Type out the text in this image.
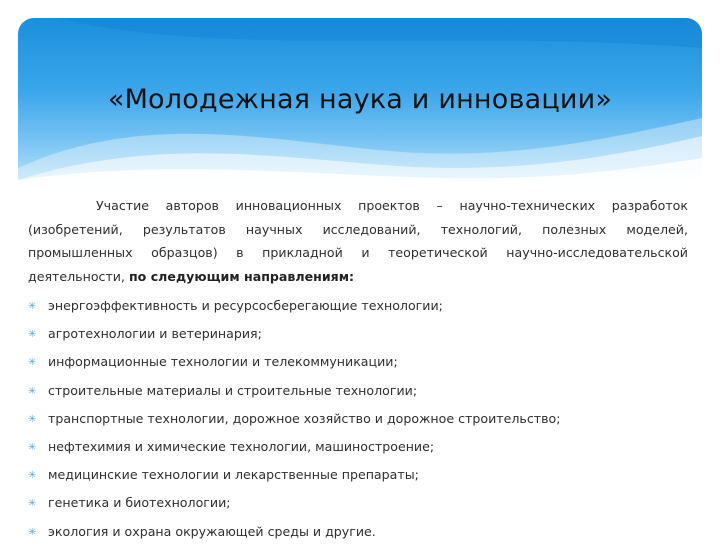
«Молодежная наука и инновации»

Участие авторов инновационных проектов – научно-технических разработок (изобретений, результатов научных исследований, технологий, полезных моделей, промышленных образцов) в прикладной и теоретической научно-исследовательской деятельности, по следующим направлениям:

✳ энергоэффективность и ресурсосберегающие технологии;
✳ агротехнологии и ветеринария;
✳ информационные технологии и телекоммуникации;
✳ строительные материалы и строительные технологии;
✳ транспортные технологии, дорожное хозяйство и дорожное строительство;
✳ нефтехимия и химические технологии, машиностроение;
✳ медицинские технологии и лекарственные препараты;
✳ генетика и биотехнологии;
✳ экология и охрана окружающей среды и другие.
